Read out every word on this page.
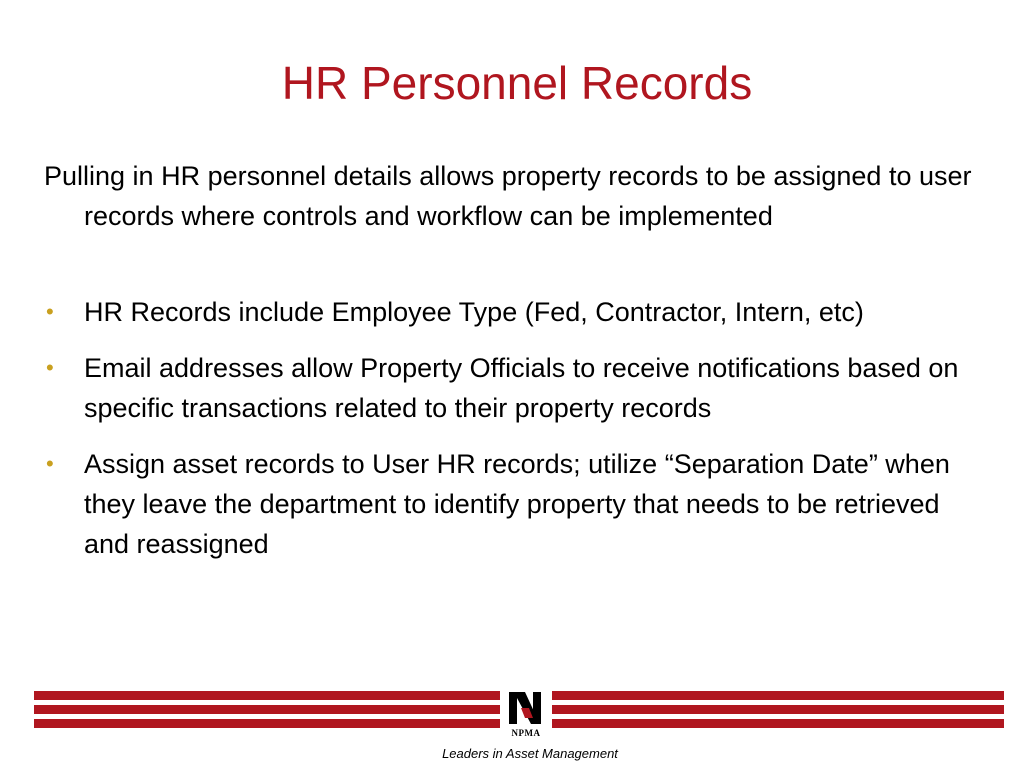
HR Personnel Records
Pulling in HR personnel details allows property records to be assigned to user records where controls and workflow can be implemented
• HR Records include Employee Type (Fed, Contractor, Intern, etc)
• Email addresses allow Property Officials to receive notifications based on specific transactions related to their property records
• Assign asset records to User HR records; utilize “Separation Date” when they leave the department to identify property that needs to be retrieved and reassigned
NPMA
Leaders in Asset Management
